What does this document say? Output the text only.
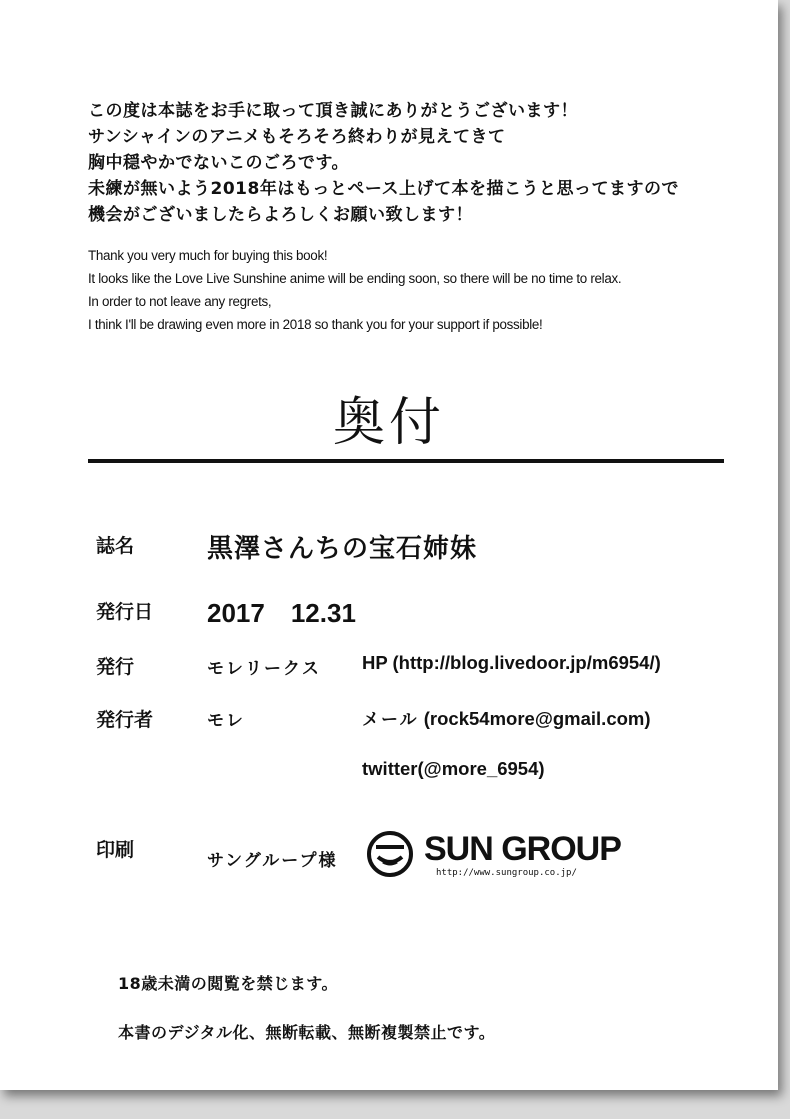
この度は本誌をお手に取って頂き誠にありがとうございます！
サンシャインのアニメもそろそろ終わりが見えてきて
胸中穏やかでないこのごろです。
未練が無いよう2018年はもっとペース上げて本を描こうと思ってますので
機会がございましたらよろしくお願い致します！
Thank you very much for buying this book!
It looks like the Love Live Sunshine anime will be ending soon, so there will be no time to relax.
In order to not leave any regrets,
I think I'll be drawing even more in 2018 so thank you for your support if possible!
奥付
誌名	黒澤さんちの宝石姉妹
発行日 2017　12.31
発行	モレリークス HP (http://blog.livedoor.jp/m6954/)
発行者	モレ	メール (rock54more@gmail.com)
twitter(@more_6954)
印刷	サングループ様	SUN GROUP
http://www.sungroup.co.jp/
18歳未満の閲覧を禁じます。
本書のデジタル化、無断転載、無断複製禁止です。
